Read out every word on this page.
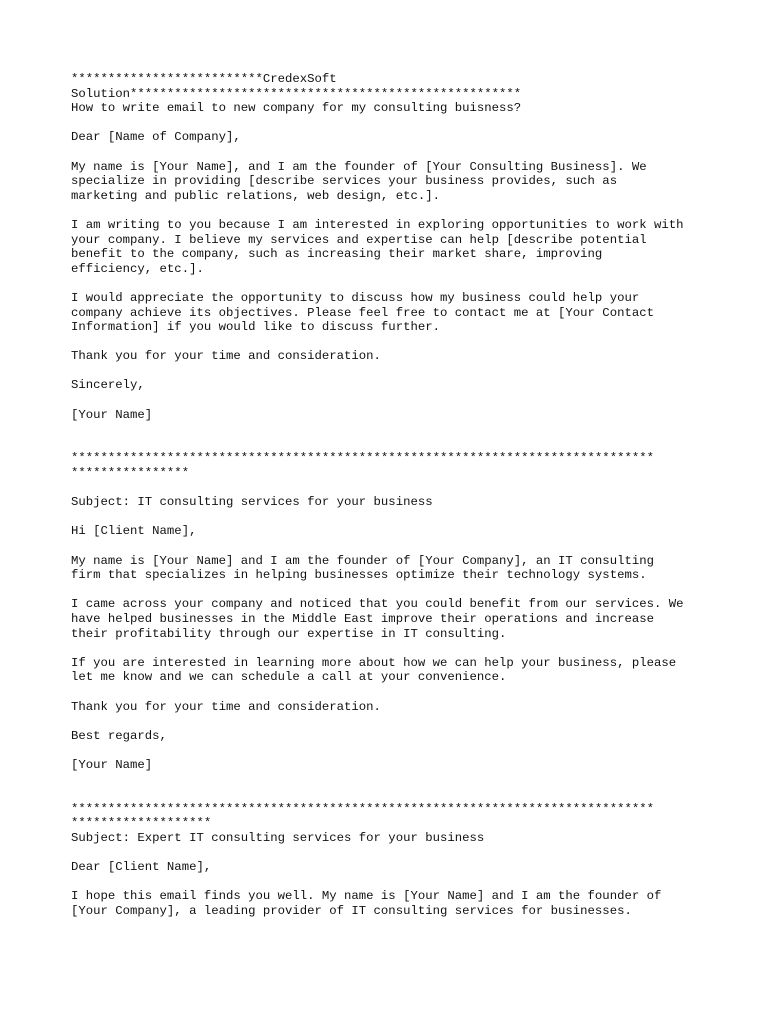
**************************CredexSoft
Solution*****************************************************
How to write email to new company for my consulting buisness?
Dear [Name of Company],
My name is [Your Name], and I am the founder of [Your Consulting Business]. We
specialize in providing [describe services your business provides, such as
marketing and public relations, web design, etc.].
I am writing to you because I am interested in exploring opportunities to work with
your company. I believe my services and expertise can help [describe potential
benefit to the company, such as increasing their market share, improving
efficiency, etc.].
I would appreciate the opportunity to discuss how my business could help your
company achieve its objectives. Please feel free to contact me at [Your Contact
Information] if you would like to discuss further.
Thank you for your time and consideration.
Sincerely,
[Your Name]
*******************************************************************************
****************
Subject: IT consulting services for your business
Hi [Client Name],
My name is [Your Name] and I am the founder of [Your Company], an IT consulting
firm that specializes in helping businesses optimize their technology systems.
I came across your company and noticed that you could benefit from our services. We
have helped businesses in the Middle East improve their operations and increase
their profitability through our expertise in IT consulting.
If you are interested in learning more about how we can help your business, please
let me know and we can schedule a call at your convenience.
Thank you for your time and consideration.
Best regards,
[Your Name]
*******************************************************************************
*******************
Subject: Expert IT consulting services for your business
Dear [Client Name],
I hope this email finds you well. My name is [Your Name] and I am the founder of
[Your Company], a leading provider of IT consulting services for businesses.
